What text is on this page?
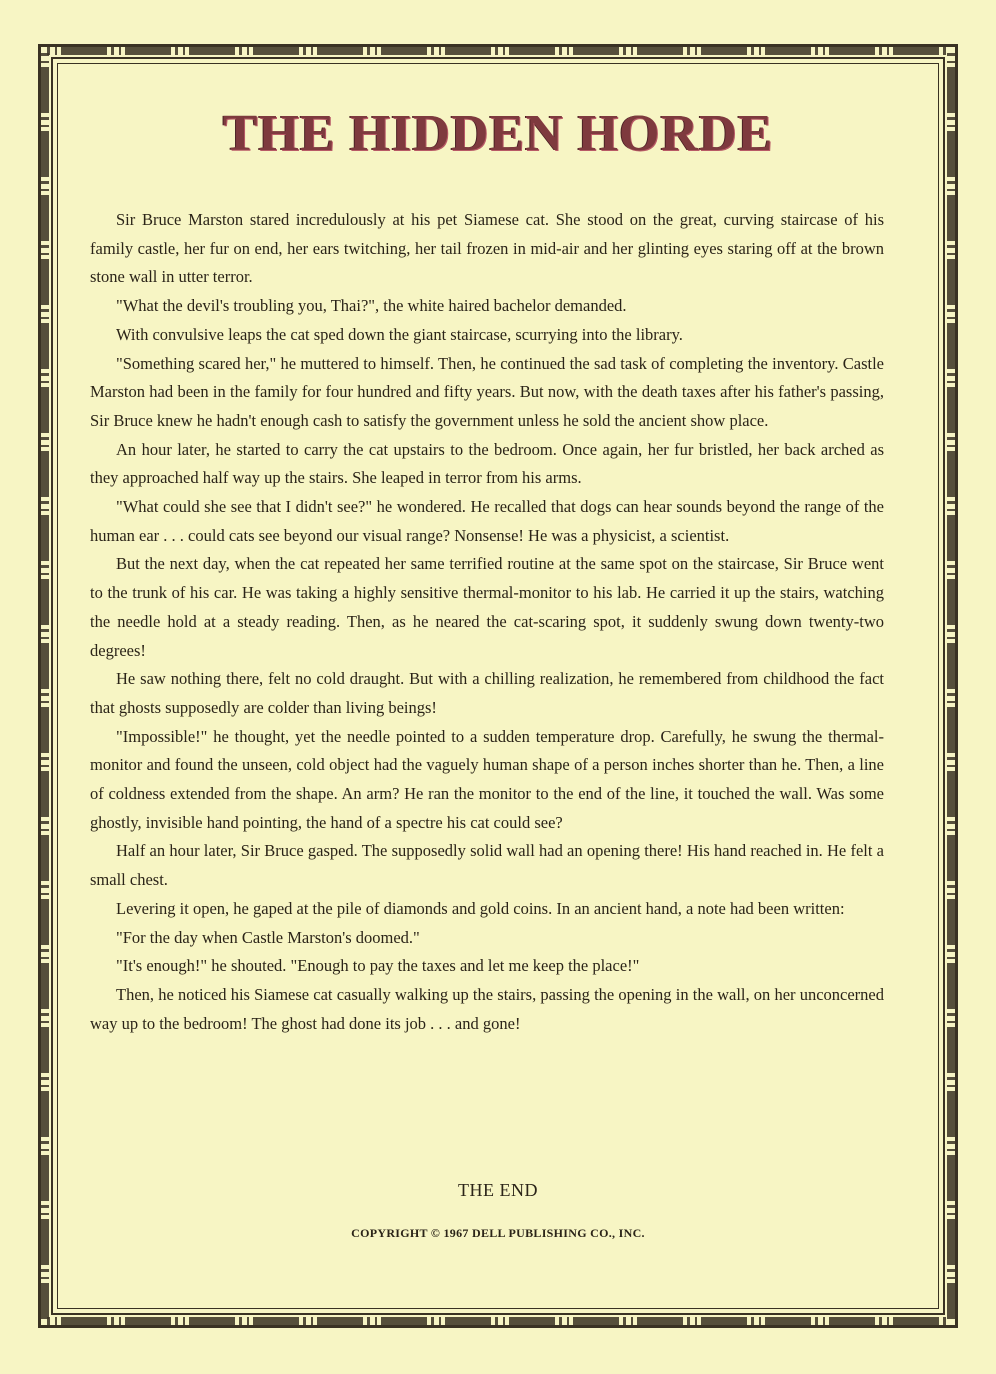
THE HIDDEN HORDE

Sir Bruce Marston stared incredulously at his pet Siamese cat. She stood on the great, curving staircase of his family castle, her fur on end, her ears twitching, her tail frozen in mid-air and her glinting eyes staring off at the brown stone wall in utter terror.

"What the devil's troubling you, Thai?", the white haired bachelor demanded.

With convulsive leaps the cat sped down the giant staircase, scurrying into the library.

"Something scared her," he muttered to himself. Then, he continued the sad task of completing the inventory. Castle Marston had been in the family for four hundred and fifty years. But now, with the death taxes after his father's passing, Sir Bruce knew he hadn't enough cash to satisfy the government unless he sold the ancient show place.

An hour later, he started to carry the cat upstairs to the bedroom. Once again, her fur bristled, her back arched as they approached half way up the stairs. She leaped in terror from his arms.

"What could she see that I didn't see?" he wondered. He recalled that dogs can hear sounds beyond the range of the human ear . . . could cats see beyond our visual range? Nonsense! He was a physicist, a scientist.

But the next day, when the cat repeated her same terrified routine at the same spot on the staircase, Sir Bruce went to the trunk of his car. He was taking a highly sensitive thermal-monitor to his lab. He carried it up the stairs, watching the needle hold at a steady reading. Then, as he neared the cat-scaring spot, it suddenly swung down twenty-two degrees!

He saw nothing there, felt no cold draught. But with a chilling realization, he remembered from childhood the fact that ghosts supposedly are colder than living beings!

"Impossible!" he thought, yet the needle pointed to a sudden temperature drop. Carefully, he swung the thermal-monitor and found the unseen, cold object had the vaguely human shape of a person inches shorter than he. Then, a line of coldness extended from the shape. An arm? He ran the monitor to the end of the line, it touched the wall. Was some ghostly, invisible hand pointing, the hand of a spectre his cat could see?

Half an hour later, Sir Bruce gasped. The supposedly solid wall had an opening there! His hand reached in. He felt a small chest.

Levering it open, he gaped at the pile of diamonds and gold coins. In an ancient hand, a note had been written:

"For the day when Castle Marston's doomed."

"It's enough!" he shouted. "Enough to pay the taxes and let me keep the place!"

Then, he noticed his Siamese cat casually walking up the stairs, passing the opening in the wall, on her unconcerned way up to the bedroom! The ghost had done its job . . . and gone!

THE END
COPYRIGHT © 1967 DELL PUBLISHING CO., INC.
